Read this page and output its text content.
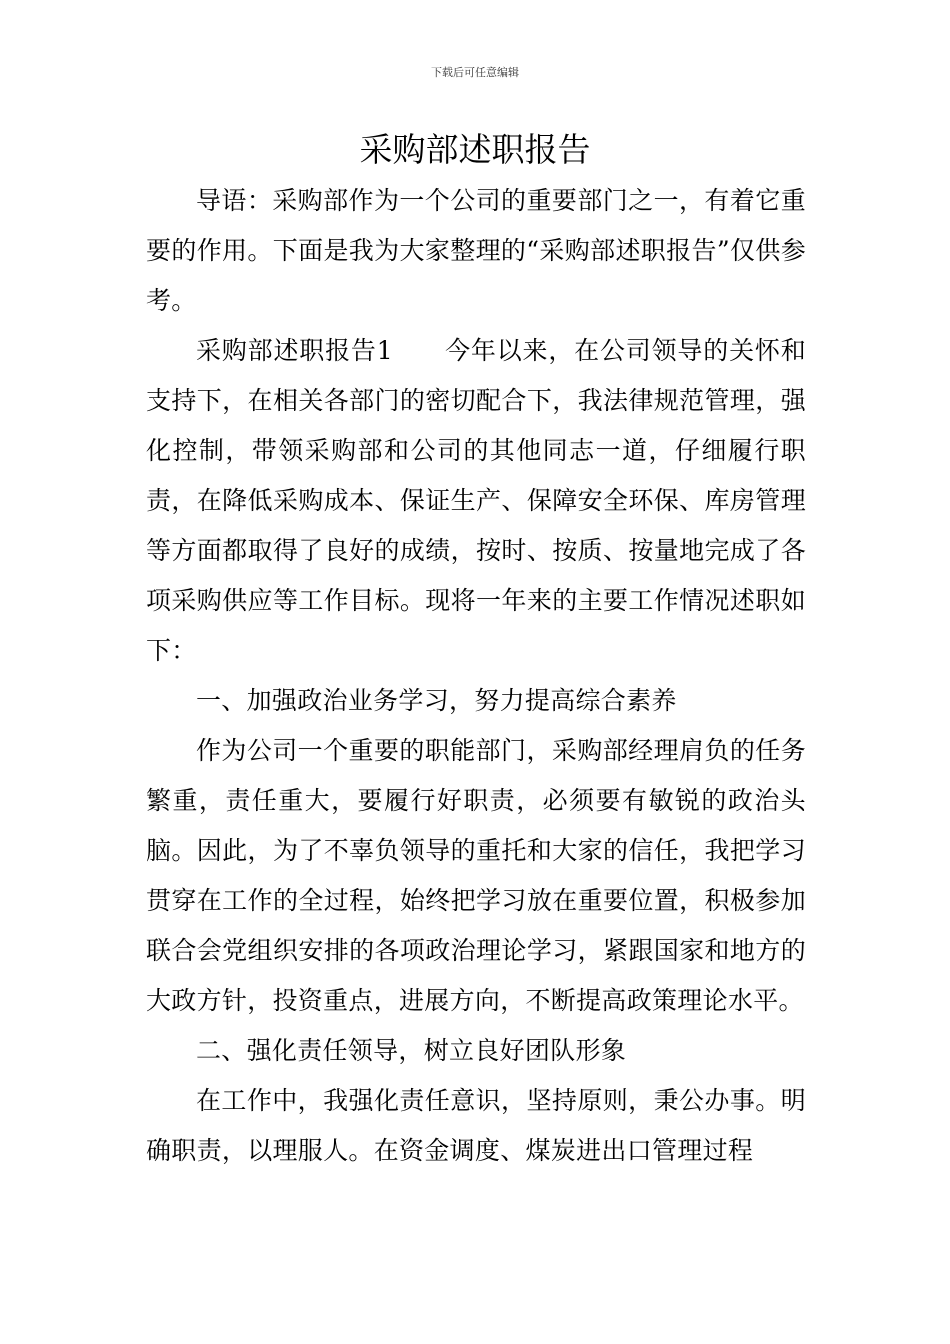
下载后可任意编辑
采购部述职报告

导语：采购部作为一个公司的重要部门之一，有着它重要的作用。下面是我为大家整理的“采购部述职报告”仅供参考。

采购部述职报告1　　今年以来，在公司领导的关怀和支持下，在相关各部门的密切配合下，我法律规范管理，强化控制，带领采购部和公司的其他同志一道，仔细履行职责，在降低采购成本、保证生产、保障安全环保、库房管理等方面都取得了良好的成绩，按时、按质、按量地完成了各项采购供应等工作目标。现将一年来的主要工作情况述职如下：

一、加强政治业务学习，努力提高综合素养

作为公司一个重要的职能部门，采购部经理肩负的任务繁重，责任重大，要履行好职责，必须要有敏锐的政治头脑。因此，为了不辜负领导的重托和大家的信任，我把学习贯穿在工作的全过程，始终把学习放在重要位置，积极参加联合会党组织安排的各项政治理论学习，紧跟国家和地方的大政方针，投资重点，进展方向，不断提高政策理论水平。

二、强化责任领导，树立良好团队形象

在工作中，我强化责任意识，坚持原则，秉公办事。明确职责，以理服人。在资金调度、煤炭进出口管理过程
